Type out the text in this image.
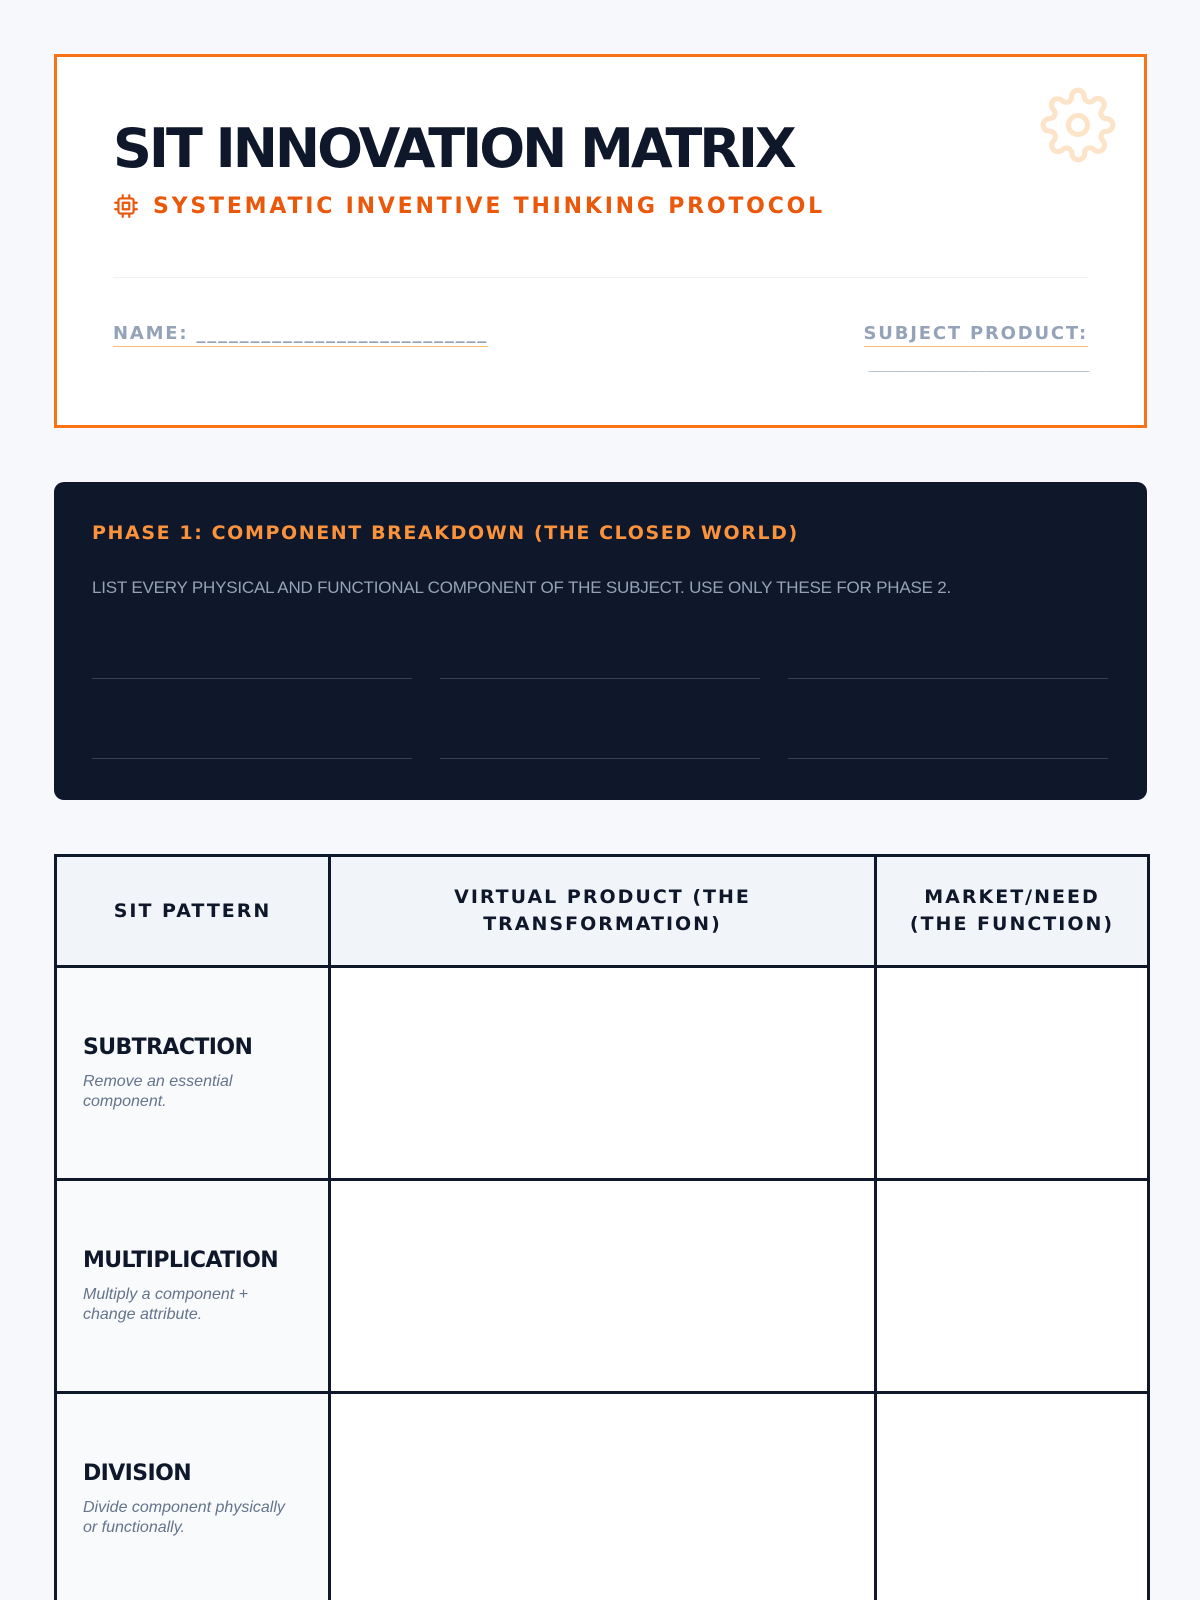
SIT INNOVATION MATRIX
SYSTEMATIC INVENTIVE THINKING PROTOCOL
NAME: ___________________________	SUBJECT PRODUCT:
___________________________
PHASE 1: COMPONENT BREAKDOWN (THE CLOSED WORLD)

LIST EVERY PHYSICAL AND FUNCTIONAL COMPONENT OF THE SUBJECT. USE ONLY THESE FOR PHASE 2.

SIT PATTERN	VIRTUAL PRODUCT (THE TRANSFORMATION)	MARKET/NEED (THE FUNCTION)

SUBTRACTION
Remove an essential component.		

MULTIPLICATION
Multiply a component + change attribute.		

DIVISION
Divide component physically or functionally.		
